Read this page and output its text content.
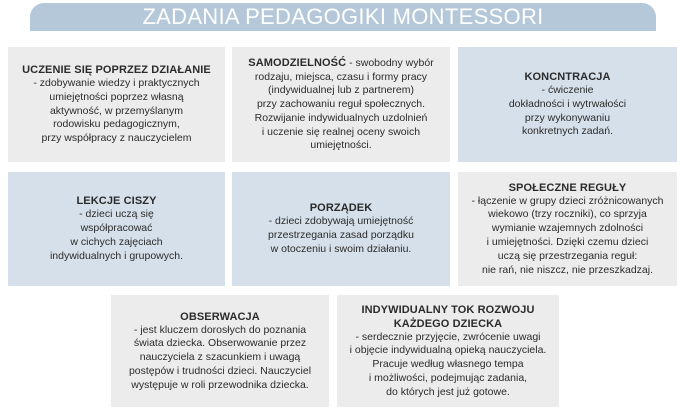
ZADANIA PEDAGOGIKI MONTESSORI
UCZENIE SIĘ POPRZEZ DZIAŁANIE
- zdobywanie wiedzy i praktycznych
umiejętności poprzez własną
aktywność, w przemyślanym
rodowisku pedagogicznym,
przy współpracy z nauczycielem
SAMODZIELNOŚĆ - swobodny wybór
rodzaju, miejsca, czasu i formy pracy
(indywidualnej lub z partnerem)
przy zachowaniu reguł społecznych.
Rozwijanie indywidualnych uzdolnień
i uczenie się realnej oceny swoich
umiejętności.
KONCNTRACJA
- ćwiczenie
dokładności i wytrwałości
przy wykonywaniu
konkretnych zadań.
LEKCJE CISZY
- dzieci uczą się
współpracować
w cichych zajęciach
indywidualnych i grupowych.
PORZĄDEK
- dzieci zdobywają umiejętność
przestrzegania zasad porządku
w otoczeniu i swoim działaniu.
SPOŁECZNE REGUŁY
- łączenie w grupy dzieci zróżnicowanych
wiekowo (trzy roczniki), co sprzyja
wymianie wzajemnych zdolności
i umiejętności. Dzięki czemu dzieci
uczą się przestrzegania reguł:
nie rań, nie niszcz, nie przeszkadzaj.
OBSERWACJA
- jest kluczem dorosłych do poznania
świata dziecka. Obserwowanie przez
nauczyciela z szacunkiem i uwagą
postępów i trudności dzieci. Nauczyciel
występuje w roli przewodnika dziecka.
INDYWIDUALNY TOK ROZWOJU
KAŻDEGO DZIECKA
- serdecznie przyjęcie, zwrócenie uwagi
i objęcie indywidualną opieką nauczyciela.
Pracuje według własnego tempa
i możliwości, podejmując zadania,
do których jest już gotowe.
